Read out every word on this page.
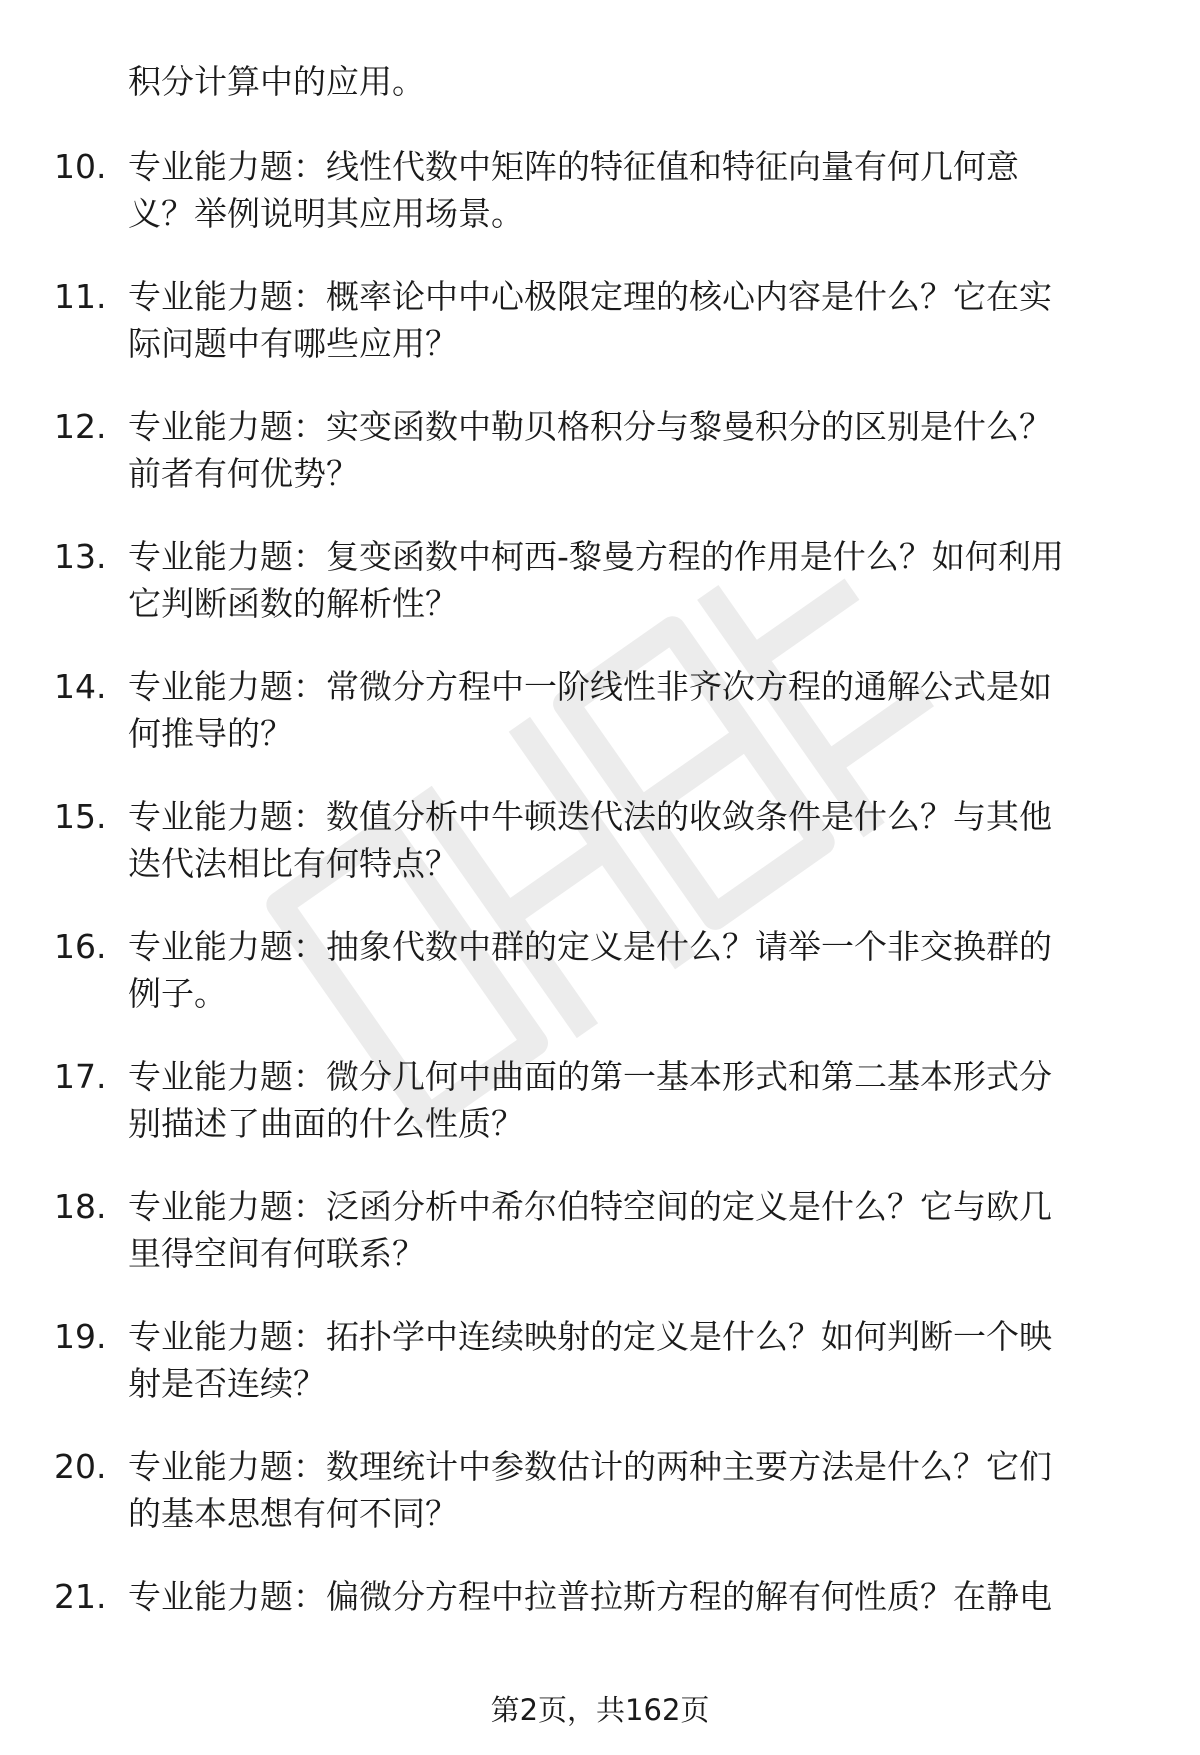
积分计算中的应用。

10. 专业能力题：线性代数中矩阵的特征值和特征向量有何几何意
义？举例说明其应用场景。
11. 专业能力题：概率论中中心极限定理的核心内容是什么？它在实
际问题中有哪些应用？
12. 专业能力题：实变函数中勒贝格积分与黎曼积分的区别是什么？
前者有何优势？
13. 专业能力题：复变函数中柯西-黎曼方程的作用是什么？如何利用
它判断函数的解析性？
14. 专业能力题：常微分方程中一阶线性非齐次方程的通解公式是如
何推导的？
15. 专业能力题：数值分析中牛顿迭代法的收敛条件是什么？与其他
迭代法相比有何特点？
16. 专业能力题：抽象代数中群的定义是什么？请举一个非交换群的
例子。
17. 专业能力题：微分几何中曲面的第一基本形式和第二基本形式分
别描述了曲面的什么性质？
18. 专业能力题：泛函分析中希尔伯特空间的定义是什么？它与欧几
里得空间有何联系？
19. 专业能力题：拓扑学中连续映射的定义是什么？如何判断一个映
射是否连续？
20. 专业能力题：数理统计中参数估计的两种主要方法是什么？它们
的基本思想有何不同？
21. 专业能力题：偏微分方程中拉普拉斯方程的解有何性质？在静电
第2页，共162页
